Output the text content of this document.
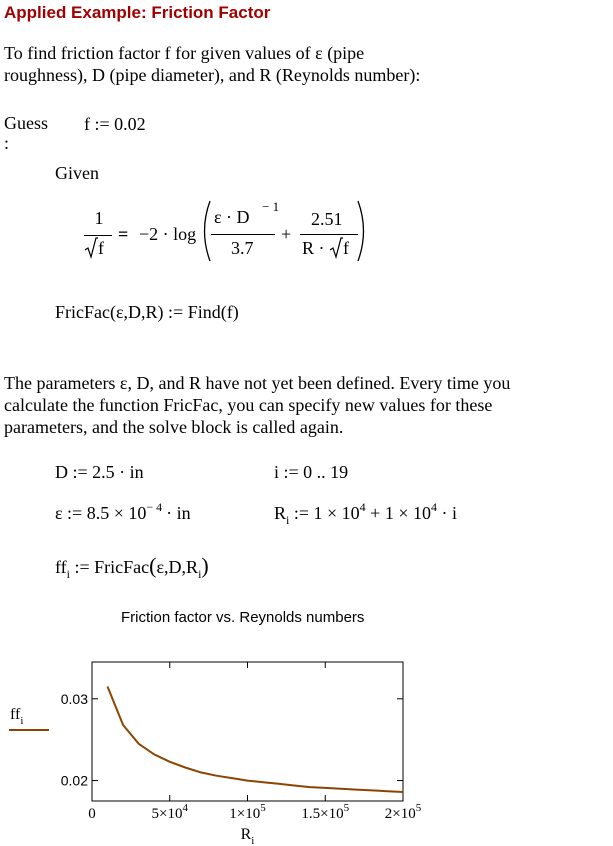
Applied Example: Friction Factor
To find friction factor f for given values of ε (pipe
roughness), D (pipe diameter), and R (Reynolds number):
Guess
:
f := 0.02
Given
1
f
= −2 · log
ε · D
− 1
3.7
+
2.51
R · f
FricFac(ε,D,R) := Find(f)
The parameters ε, D, and R have not yet been defined. Every time you
calculate the function FricFac, you can specify new values for these
parameters, and the solve block is called again.
D := 2.5 · in	i := 0 .. 19
ε := $8.5 \times 10^{- 4}$ · in	$R_i$ := $1 \times 10^4 + 1 \times 10^4 \cdot i$
$ff_i$ := $FricFac(\varepsilon,D,R_i)$
Friction factor vs. Reynolds numbers
0.02
0.03
0	$5\times 10^4$	$1\times 10^5$ $1.5\times 10^5$ $2\times 10^5$
$ff_i$
$R_i$
